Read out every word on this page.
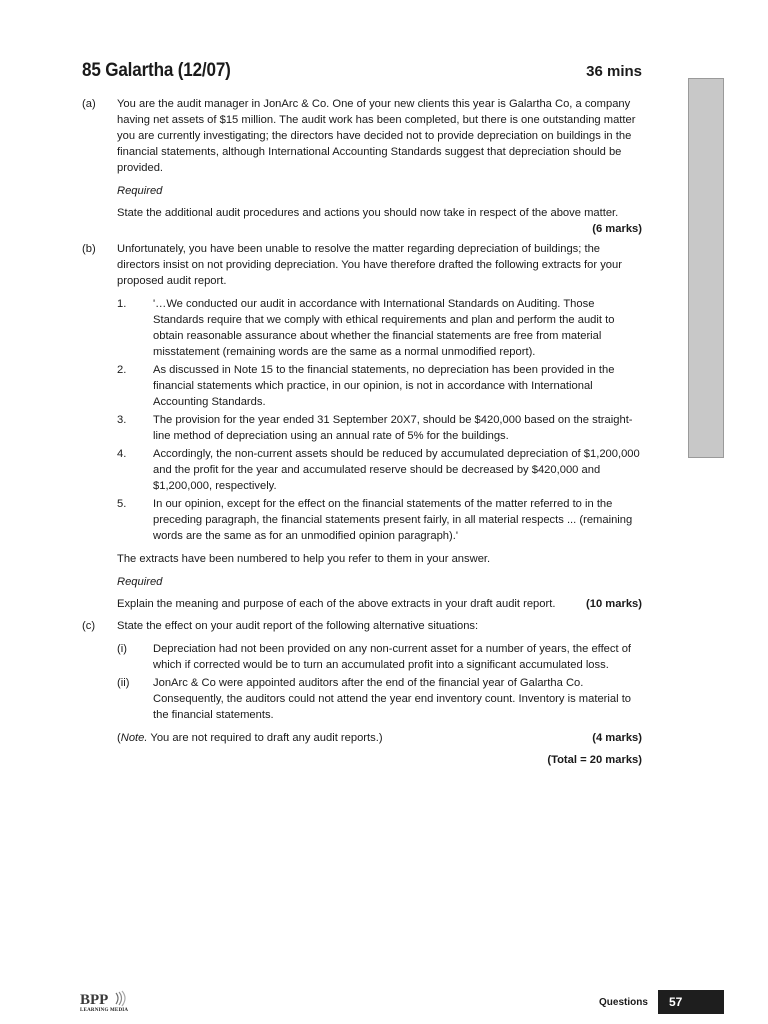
85 Galartha (12/07)	36 mins
(a) You are the audit manager in JonArc & Co. One of your new clients this year is Galartha Co, a company having net assets of $15 million. The audit work has been completed, but there is one outstanding matter you are currently investigating; the directors have decided not to provide depreciation on buildings in the financial statements, although International Accounting Standards suggest that depreciation should be provided.

Required

State the additional audit procedures and actions you should now take in respect of the above matter.

(6 marks)
(b) Unfortunately, you have been unable to resolve the matter regarding depreciation of buildings; the directors insist on not providing depreciation. You have therefore drafted the following extracts for your proposed audit report.

1. '…We conducted our audit in accordance with International Standards on Auditing. Those Standards require that we comply with ethical requirements and plan and perform the audit to obtain reasonable assurance about whether the financial statements are free from material misstatement (remaining words are the same as a normal unmodified report).
2. As discussed in Note 15 to the financial statements, no depreciation has been provided in the financial statements which practice, in our opinion, is not in accordance with International Accounting Standards.
3. The provision for the year ended 31 September 20X7, should be $420,000 based on the straight-line method of depreciation using an annual rate of 5% for the buildings.
4. Accordingly, the non-current assets should be reduced by accumulated depreciation of $1,200,000 and the profit for the year and accumulated reserve should be decreased by $420,000 and $1,200,000, respectively.
5. In our opinion, except for the effect on the financial statements of the matter referred to in the preceding paragraph, the financial statements present fairly, in all material respects ... (remaining words are the same as for an unmodified opinion paragraph).'

The extracts have been numbered to help you refer to them in your answer.

Required

Explain the meaning and purpose of each of the above extracts in your draft audit report.	(10 marks)
(c) State the effect on your audit report of the following alternative situations:

(i) Depreciation had not been provided on any non-current asset for a number of years, the effect of which if corrected would be to turn an accumulated profit into a significant accumulated loss.
(ii) JonArc & Co were appointed auditors after the end of the financial year of Galartha Co. Consequently, the auditors could not attend the year end inventory count. Inventory is material to the financial statements.
(Note. You are not required to draft any audit reports.)	(4 marks)
(Total = 20 marks)
BPP
LEARNING MEDIA
Questions 57
